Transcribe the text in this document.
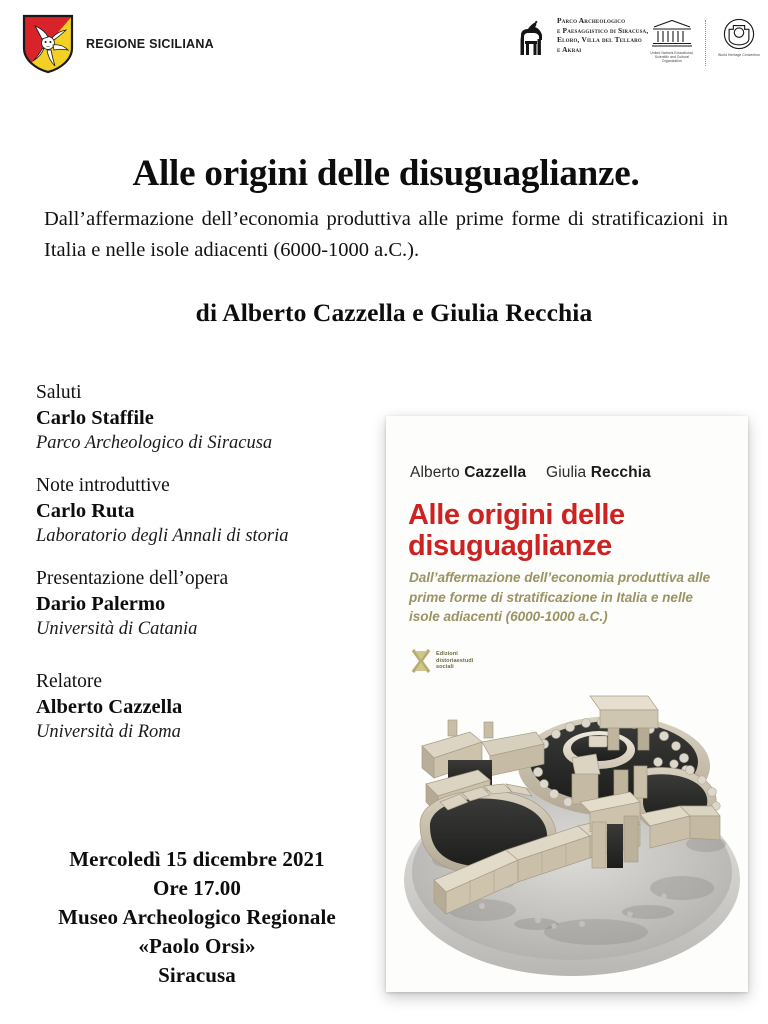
REGIONE SICILIANA
Parco Archeologico
e Paesaggistico di Siracusa,
Eloro, Villa del Tellaro
e Akrai	United Nations Educational, Scientific and Cultural Organization
World Heritage Convention
Alle origini delle disuguaglianze.

Dall’affermazione dell’economia produttiva alle prime forme di stratificazioni in Italia e nelle isole adiacenti (6000-1000 a.C.).

di Alberto Cazzella e Giulia Recchia
Saluti
Carlo Staffile
Parco Archeologico di Siracusa
Note introduttive
Carlo Ruta
Laboratorio degli Annali di storia
Presentazione dell’opera
Dario Palermo
Università di Catania
Relatore
Alberto Cazzella
Università di Roma
Mercoledì 15 dicembre 2021
Ore 17.00
Museo Archeologico Regionale
«Paolo Orsi»
Siracusa
Alberto Cazzella Giulia Recchia
Alle origini delle
disuguaglianze
Dall’affermazione dell’economia produttiva alle prime forme di stratificazione in Italia e nelle isole adiacenti (6000-1000 a.C.)
Edizioni
distoriaestudi
sociali
